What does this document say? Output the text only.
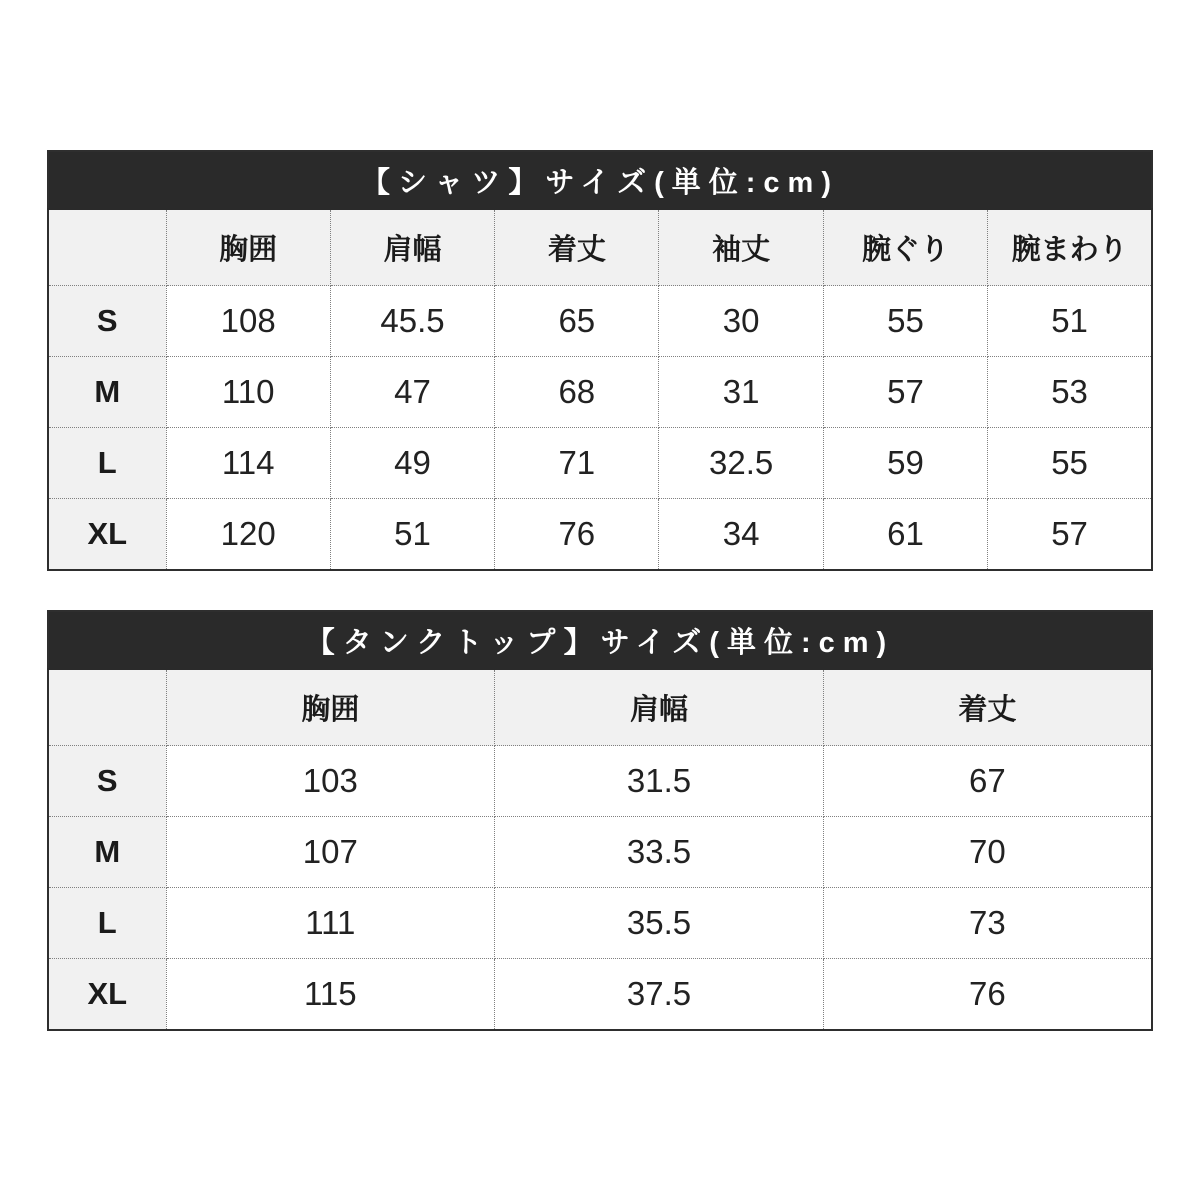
【シャツ】サイズ(単位:cm)						
	胸囲	肩幅	着丈	袖丈	腕ぐり	腕まわり
S	108	45.5	65	30	55	51
M	110	47	68	31	57	53
L	114	49	71	32.5	59	55
XL	120	51	76	34	61	57
【タンクトップ】サイズ(単位:cm)			
	胸囲	肩幅	着丈
S	103	31.5	67
M	107	33.5	70
L	111	35.5	73
XL	115	37.5	76
